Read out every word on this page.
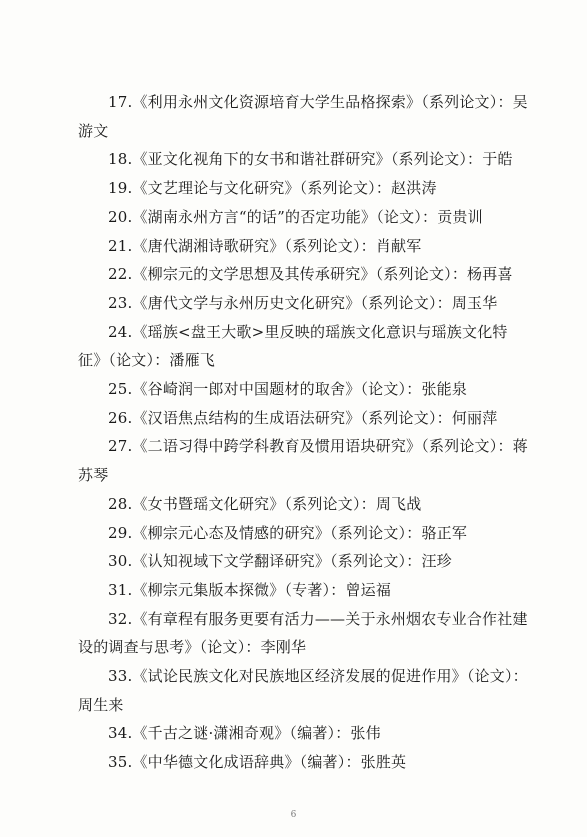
17.《利用永州文化资源培育大学生品格探索》（系列论文）：吴游文
18.《亚文化视角下的女书和谐社群研究》（系列论文）：于皓
19.《文艺理论与文化研究》（系列论文）：赵洪涛
20.《湖南永州方言“的话”的否定功能》（论文）：贡贵训
21.《唐代湖湘诗歌研究》（系列论文）：肖献军
22.《柳宗元的文学思想及其传承研究》（系列论文）：杨再喜
23.《唐代文学与永州历史文化研究》（系列论文）：周玉华
24.《瑶族<盘王大歌>里反映的瑶族文化意识与瑶族文化特征》（论文）：潘雁飞
25.《谷崎润一郎对中国题材的取舍》（论文）：张能泉
26.《汉语焦点结构的生成语法研究》（系列论文）：何丽萍
27.《二语习得中跨学科教育及惯用语块研究》（系列论文）：蒋苏琴
28.《女书暨瑶文化研究》（系列论文）：周飞战
29.《柳宗元心态及情感的研究》（系列论文）：骆正军
30.《认知视域下文学翻译研究》（系列论文）：汪珍
31.《柳宗元集版本探微》（专著）：曾运福
32.《有章程有服务更要有活力——关于永州烟农专业合作社建设的调查与思考》（论文）：李刚华
33.《试论民族文化对民族地区经济发展的促进作用》（论文）：周生来
34.《千古之谜·潇湘奇观》（编著）：张伟
35.《中华德文化成语辞典》（编著）：张胜英
6
